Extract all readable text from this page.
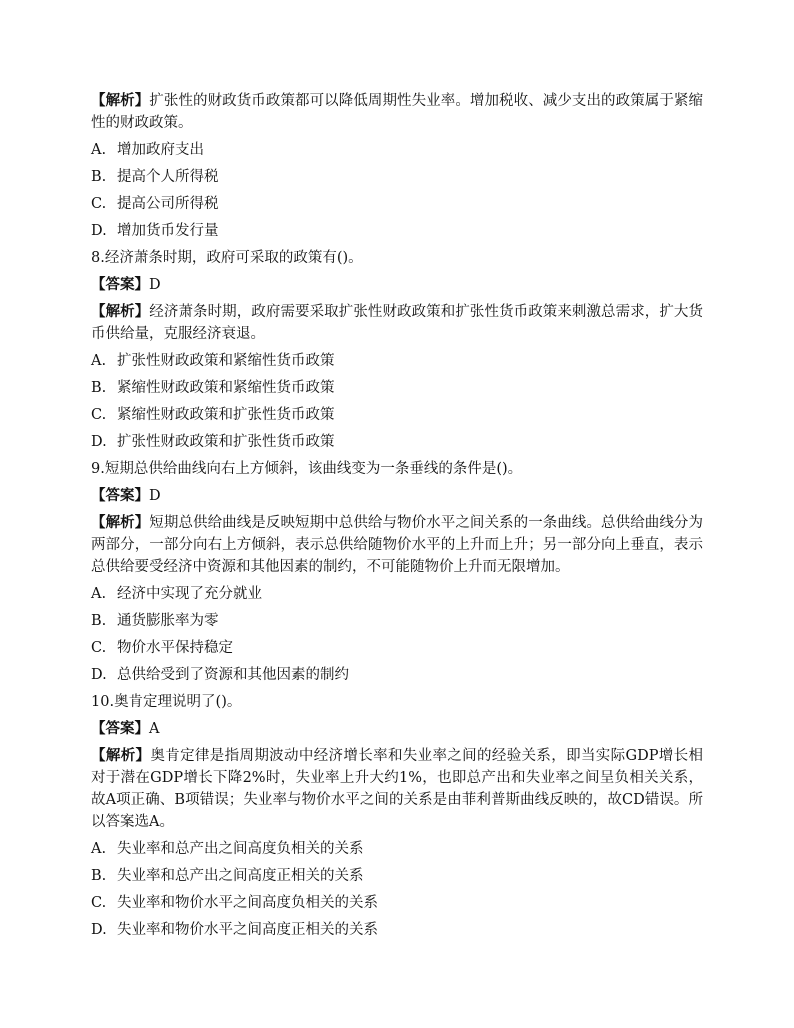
【解析】扩张性的财政货币政策都可以降低周期性失业率。增加税收、减少支出的政策属于紧缩性的财政政策。

A. 增加政府支出
B. 提高个人所得税
C. 提高公司所得税
D. 增加货币发行量
8.经济萧条时期，政府可采取的政策有()。
【答案】D

【解析】经济萧条时期，政府需要采取扩张性财政政策和扩张性货币政策来刺激总需求，扩大货币供给量，克服经济衰退。

A. 扩张性财政政策和紧缩性货币政策
B. 紧缩性财政政策和紧缩性货币政策
C. 紧缩性财政政策和扩张性货币政策
D. 扩张性财政政策和扩张性货币政策
9.短期总供给曲线向右上方倾斜，该曲线变为一条垂线的条件是()。
【答案】D

【解析】短期总供给曲线是反映短期中总供给与物价水平之间关系的一条曲线。总供给曲线分为两部分，一部分向右上方倾斜，表示总供给随物价水平的上升而上升；另一部分向上垂直，表示总供给要受经济中资源和其他因素的制约，不可能随物价上升而无限增加。

A. 经济中实现了充分就业
B. 通货膨胀率为零
C. 物价水平保持稳定
D. 总供给受到了资源和其他因素的制约
10.奥肯定理说明了()。
【答案】A

【解析】奥肯定律是指周期波动中经济增长率和失业率之间的经验关系，即当实际GDP增长相对于潜在GDP增长下降2%时，失业率上升大约1%，也即总产出和失业率之间呈负相关关系，故A项正确、B项错误；失业率与物价水平之间的关系是由菲利普斯曲线反映的，故CD错误。所以答案选A。

A. 失业率和总产出之间高度负相关的关系
B. 失业率和总产出之间高度正相关的关系
C. 失业率和物价水平之间高度负相关的关系
D. 失业率和物价水平之间高度正相关的关系
